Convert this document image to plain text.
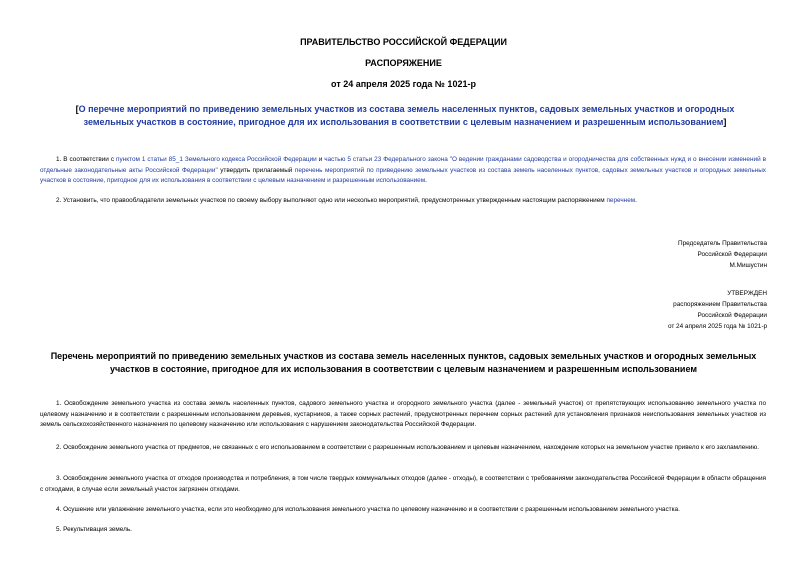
ПРАВИТЕЛЬСТВО РОССИЙСКОЙ ФЕДЕРАЦИИ
РАСПОРЯЖЕНИЕ
от 24 апреля 2025 года № 1021-р
[О перечне мероприятий по приведению земельных участков из состава земель населенных пунктов, садовых земельных участков и огородных земельных участков в состояние, пригодное для их использования в соответствии с целевым назначением и разрешенным использованием]
1. В соответствии с пунктом 1 статьи 85_1 Земельного кодекса Российской Федерации и частью 5 статьи 23 Федерального закона "О ведении гражданами садоводства и огородничества для собственных нужд и о внесении изменений в отдельные законодательные акты Российской Федерации" утвердить прилагаемый перечень мероприятий по приведению земельных участков из состава земель населенных пунктов, садовых земельных участков и огородных земельных участков в состояние, пригодное для их использования в соответствии с целевым назначением и разрешенным использованием.
2. Установить, что правообладатели земельных участков по своему выбору выполняют одно или несколько мероприятий, предусмотренных утвержденным настоящим распоряжением перечнем.
Председатель Правительства
Российской Федерации
М.Мишустин
УТВЕРЖДЕН
распоряжением Правительства
Российской Федерации
от 24 апреля 2025 года № 1021-р
Перечень мероприятий по приведению земельных участков из состава земель населенных пунктов, садовых земельных участков и огородных земельных участков в состояние, пригодное для их использования в соответствии с целевым назначением и разрешенным использованием
1. Освобождение земельного участка из состава земель населенных пунктов, садового земельного участка и огородного земельного участка (далее - земельный участок) от препятствующих использованию земельного участка по целевому назначению и в соответствии с разрешенным использованием деревьев, кустарников, а также сорных растений, предусмотренных перечнем сорных растений для установления признаков неиспользования земельных участков из земель сельскохозяйственного назначения по целевому назначению или использования с нарушением законодательства Российской Федерации.
2. Освобождение земельного участка от предметов, не связанных с его использованием в соответствии с разрешенным использованием и целевым назначением, нахождение которых на земельном участке привело к его захламлению.
3. Освобождение земельного участка от отходов производства и потребления, в том числе твердых коммунальных отходов (далее - отходы), в соответствии с требованиями законодательства Российской Федерации в области обращения с отходами, в случае если земельный участок загрязнен отходами.
4. Осушение или увлажнение земельного участка, если это необходимо для использования земельного участка по целевому назначению и в соответствии с разрешенным использованием земельного участка.
5. Рекультивация земель.
